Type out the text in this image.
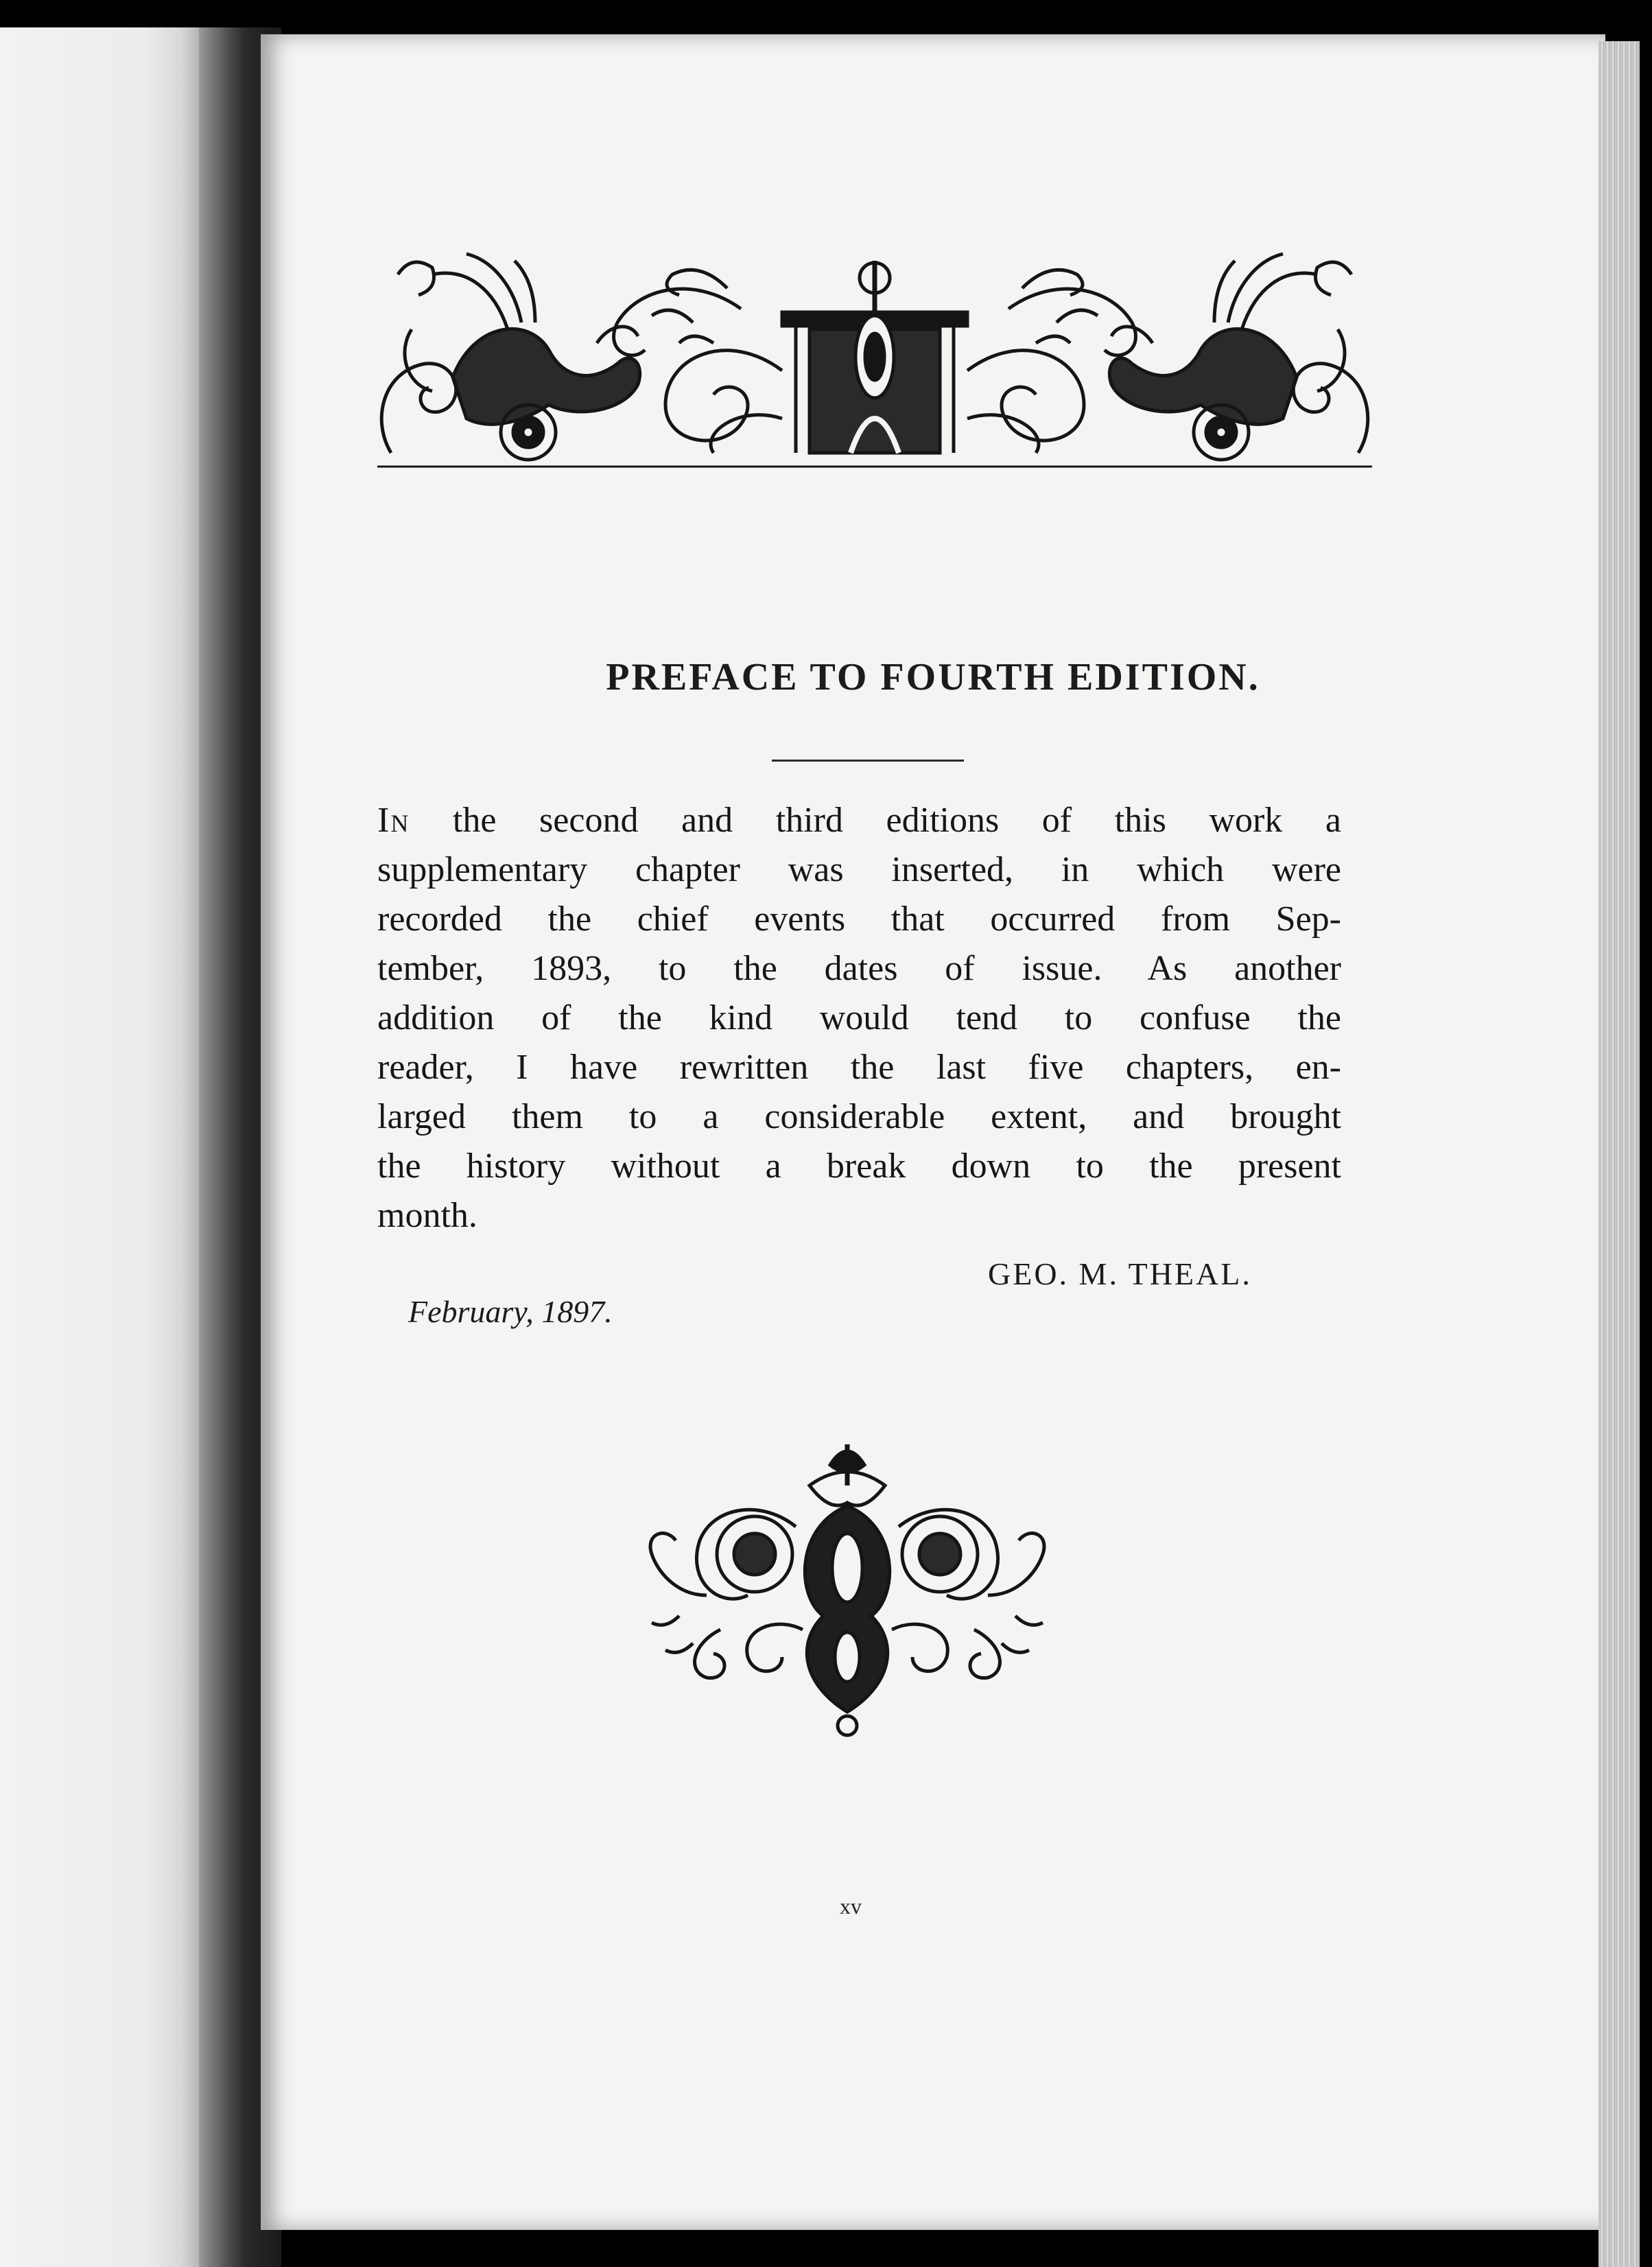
PREFACE TO FOURTH EDITION.

In the second and third editions of this work a
supplementary chapter was inserted, in which were
recorded the chief events that occurred from Sep-
tember, 1893, to the dates of issue. As another
addition of the kind would tend to confuse the
reader, I have rewritten the last five chapters, en-
larged them to a considerable extent, and brought
the history without a break down to the present
month.

GEO. M. THEAL.
February, 1897.
xv
